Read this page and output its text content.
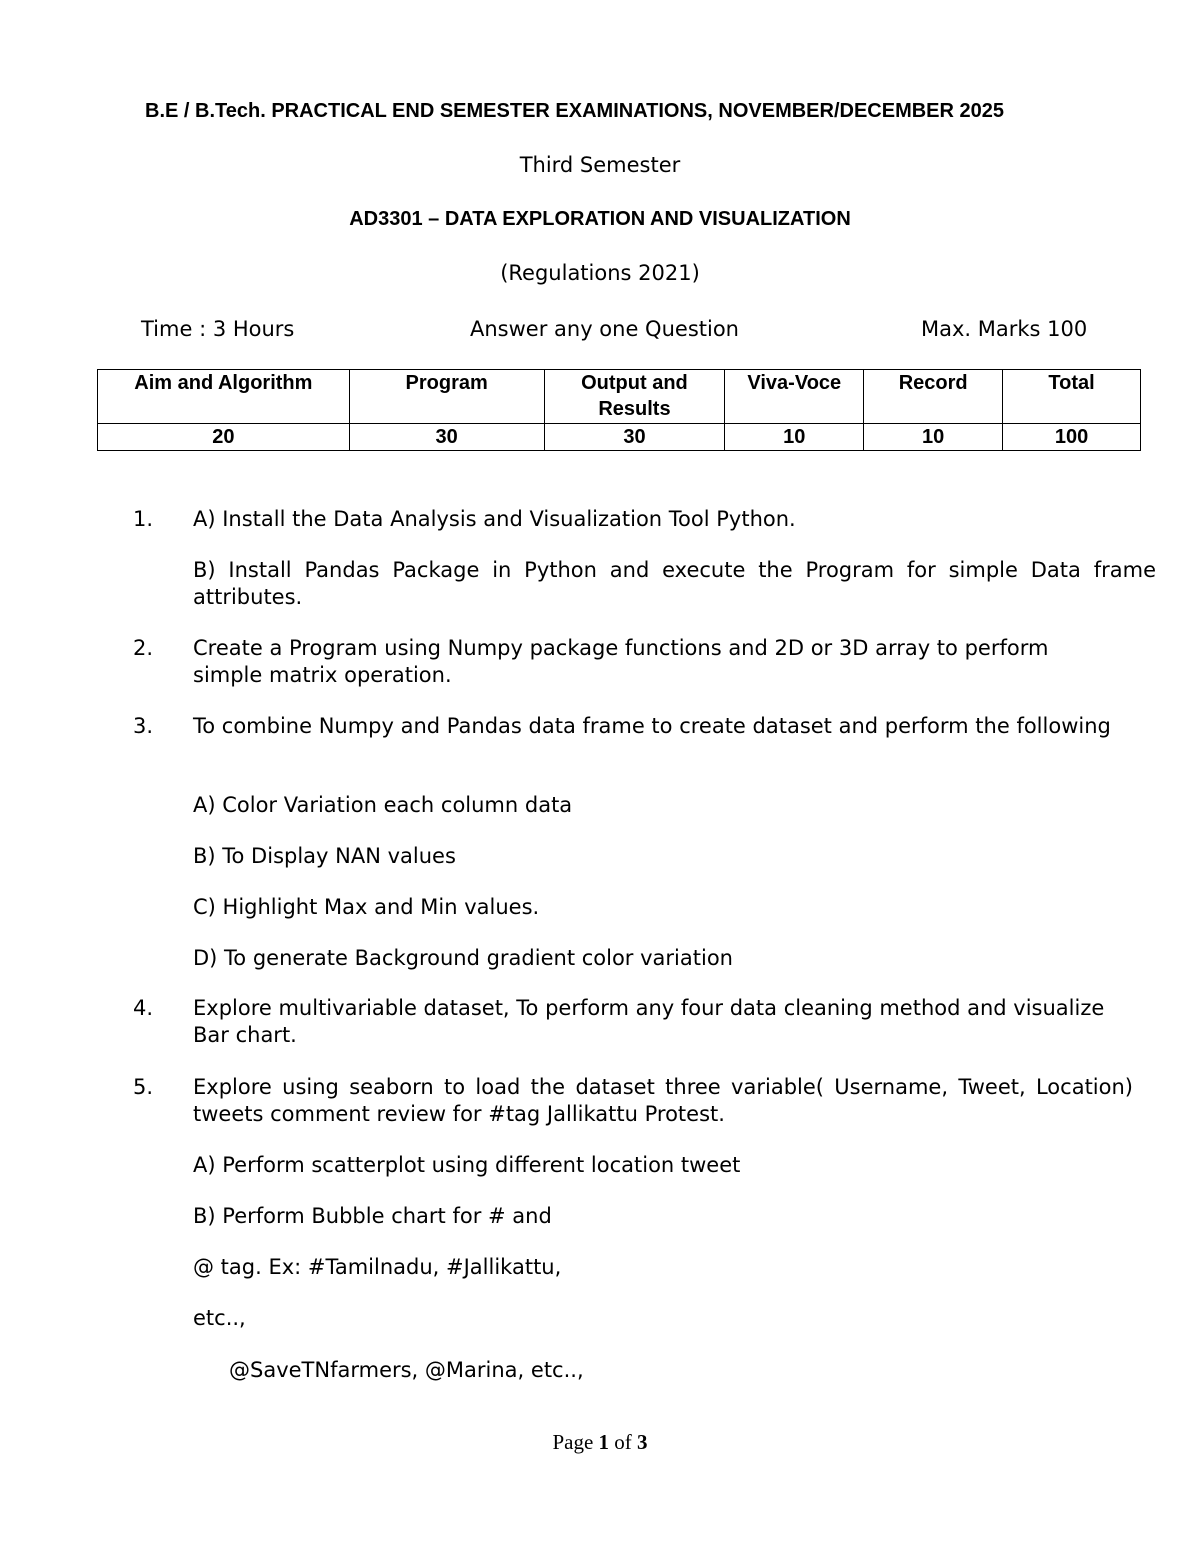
B.E / B.Tech. PRACTICAL END SEMESTER EXAMINATIONS, NOVEMBER/DECEMBER 2025
Third Semester
AD3301 – DATA EXPLORATION AND VISUALIZATION
(Regulations 2021)
Time : 3 Hours	Answer any one Question	Max. Marks 100
Aim and Algorithm	Program	Output and Results	Viva-Voce	Record	Total
20	30	30	10	10	100
1. A) Install the Data Analysis and Visualization Tool Python.
B) Install Pandas Package in Python and execute the Program for simple Data frame attributes.
2. Create a Program using Numpy package functions and 2D or 3D array to perform simple matrix operation.
3. To combine Numpy and Pandas data frame to create dataset and perform the following
A) Color Variation each column data
B) To Display NAN values
C) Highlight Max and Min values.
D) To generate Background gradient color variation
4. Explore multivariable dataset, To perform any four data cleaning method and visualize Bar chart.
5. Explore using seaborn to load the dataset three variable( Username, Tweet, Location) tweets comment review for #tag Jallikattu Protest.
A) Perform scatterplot using different location tweet
B) Perform Bubble chart for # and
@ tag. Ex: #Tamilnadu, #Jallikattu,
etc..,
@SaveTNfarmers, @Marina, etc..,
Page 1 of 3
